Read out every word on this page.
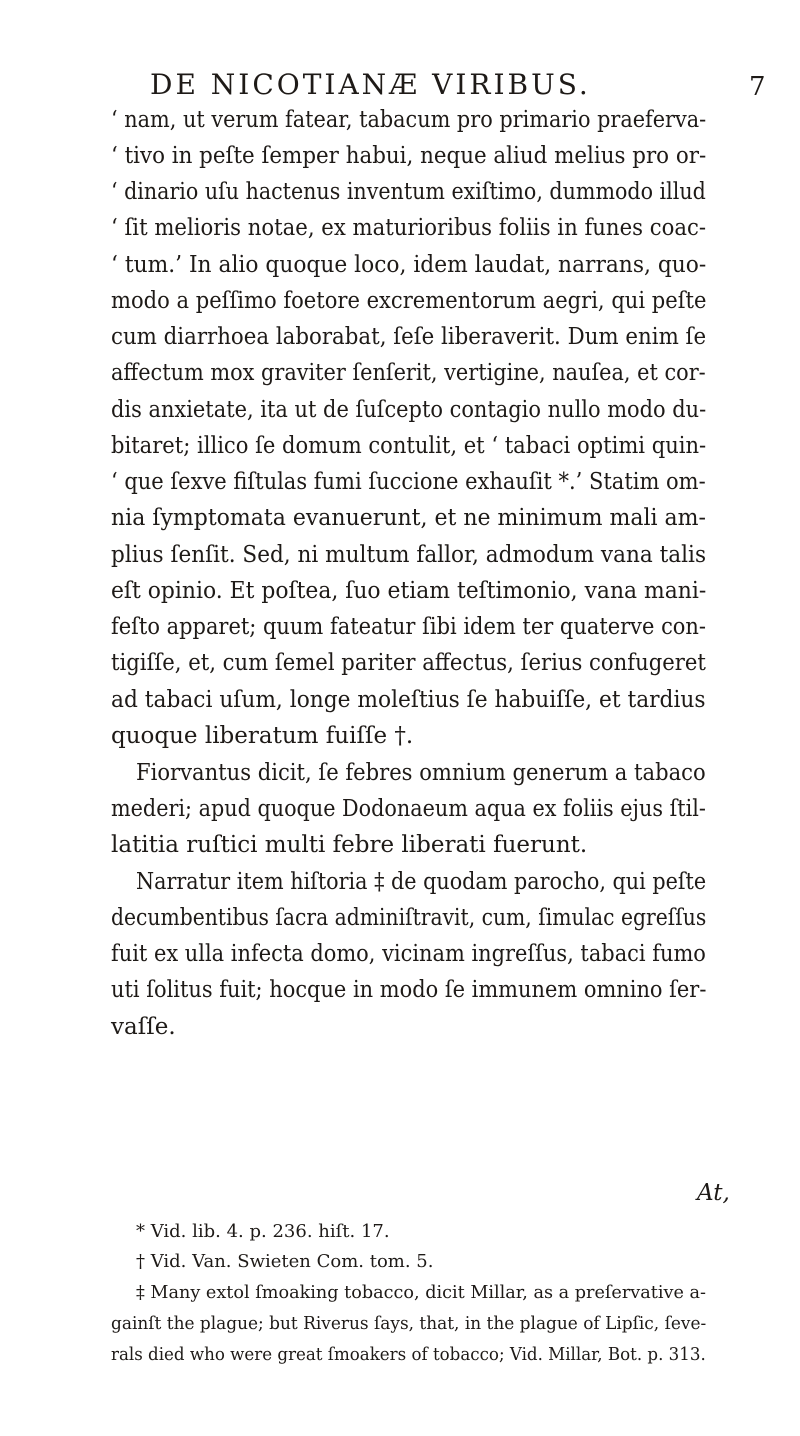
DE NICOTIANÆ VIRIBUS.	7
‘ nam, ut verum fatear, tabacum pro primario praeferva-
‘ tivo in peſte ſemper habui, neque aliud melius pro or-
‘ dinario uſu hactenus inventum exiſtimo, dummodo illud
‘ ſit melioris notae, ex maturioribus foliis in funes coac-
‘ tum.’ In alio quoque loco, idem laudat, narrans, quo-
modo a peſſimo foetore excrementorum aegri, qui peſte
cum diarrhoea laborabat, ſeſe liberaverit. Dum enim ſe
affectum mox graviter ſenſerit, vertigine, nauſea, et cor-
dis anxietate, ita ut de ſuſcepto contagio nullo modo du-
bitaret; illico ſe domum contulit, et ‘ tabaci optimi quin-
‘ que ſexve fiſtulas fumi ſuccione exhauſit *.’ Statim om-
nia ſymptomata evanuerunt, et ne minimum mali am-
plius ſenſit. Sed, ni multum fallor, admodum vana talis
eſt opinio. Et poſtea, ſuo etiam teſtimonio, vana mani-
feſto apparet; quum fateatur ſibi idem ter quaterve con-
tigiſſe, et, cum ſemel pariter affectus, ſerius confugeret
ad tabaci uſum, longe moleſtius ſe habuiſſe, et tardius
quoque liberatum fuiſſe †.
Fiorvantus dicit, ſe febres omnium generum a tabaco
mederi; apud quoque Dodonaeum aqua ex foliis ejus ſtil-
latitia ruſtici multi febre liberati fuerunt.
Narratur item hiſtoria ‡ de quodam parocho, qui peſte
decumbentibus ſacra adminiſtravit, cum, ſimulac egreſſus
fuit ex ulla infecta domo, vicinam ingreſſus, tabaci fumo
uti ſolitus fuit; hocque in modo ſe immunem omnino ſer-
vaſſe.
At,
* Vid. lib. 4. p. 236. hiſt. 17.
† Vid. Van. Swieten Com. tom. 5.
‡ Many extol ſmoaking tobacco, dicit Millar, as a preſervative a-
gainſt the plague; but Riverus ſays, that, in the plague of Lipſic, ſeve-
rals died who were great ſmoakers of tobacco; Vid. Millar, Bot. p. 313.
